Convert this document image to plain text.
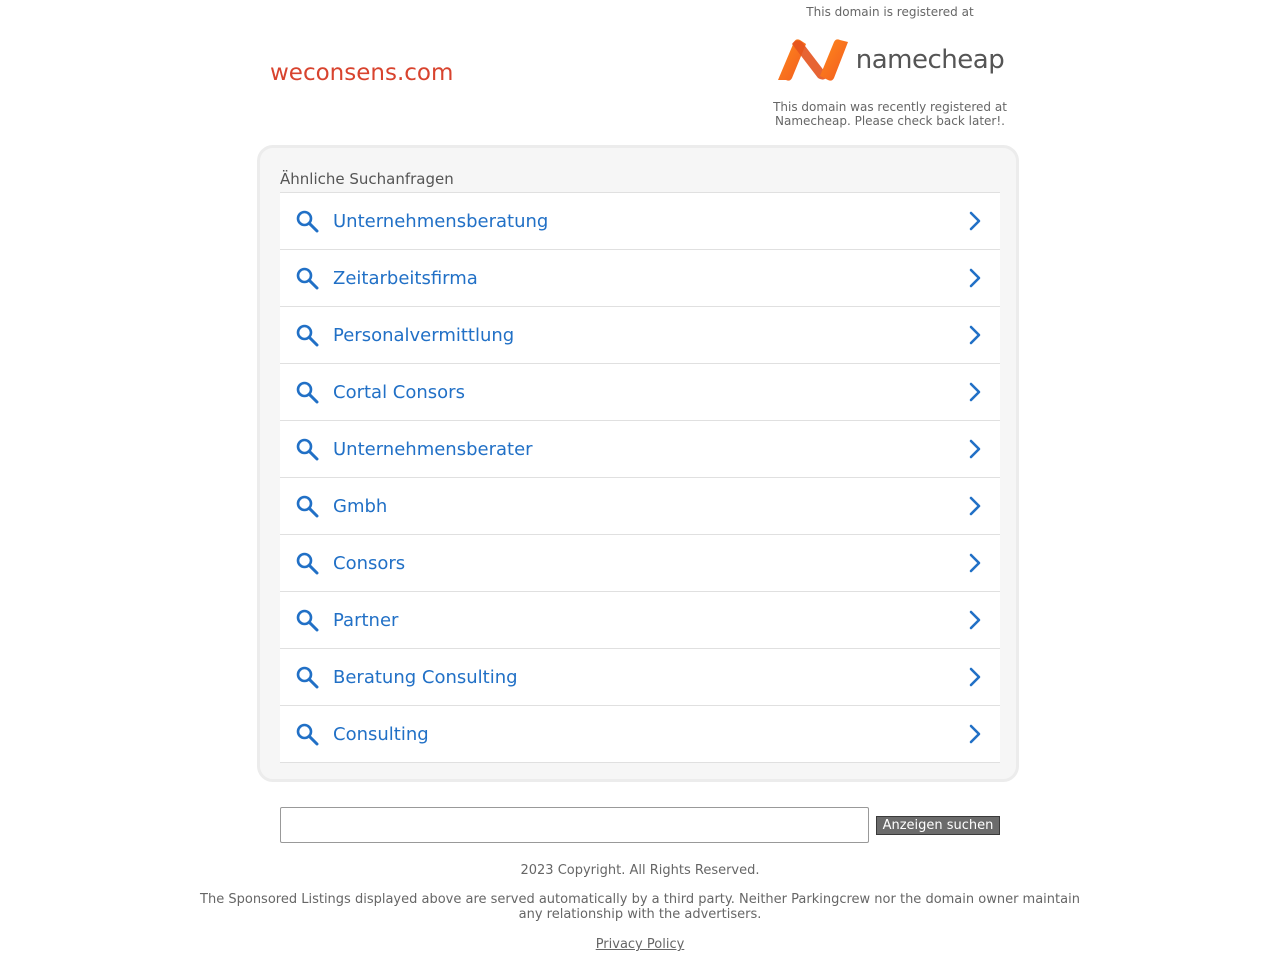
weconsens.com
This domain is registered at
namecheap
This domain was recently registered at Namecheap. Please check back later!.
Ähnliche Suchanfragen
Unternehmensberatung
Zeitarbeitsfirma
Personalvermittlung
Cortal Consors
Unternehmensberater
Gmbh
Consors
Partner
Beratung Consulting
Consulting
Anzeigen suchen
2023 Copyright. All Rights Reserved.
The Sponsored Listings displayed above are served automatically by a third party. Neither Parkingcrew nor the domain owner maintain any relationship with the advertisers.
Privacy Policy
